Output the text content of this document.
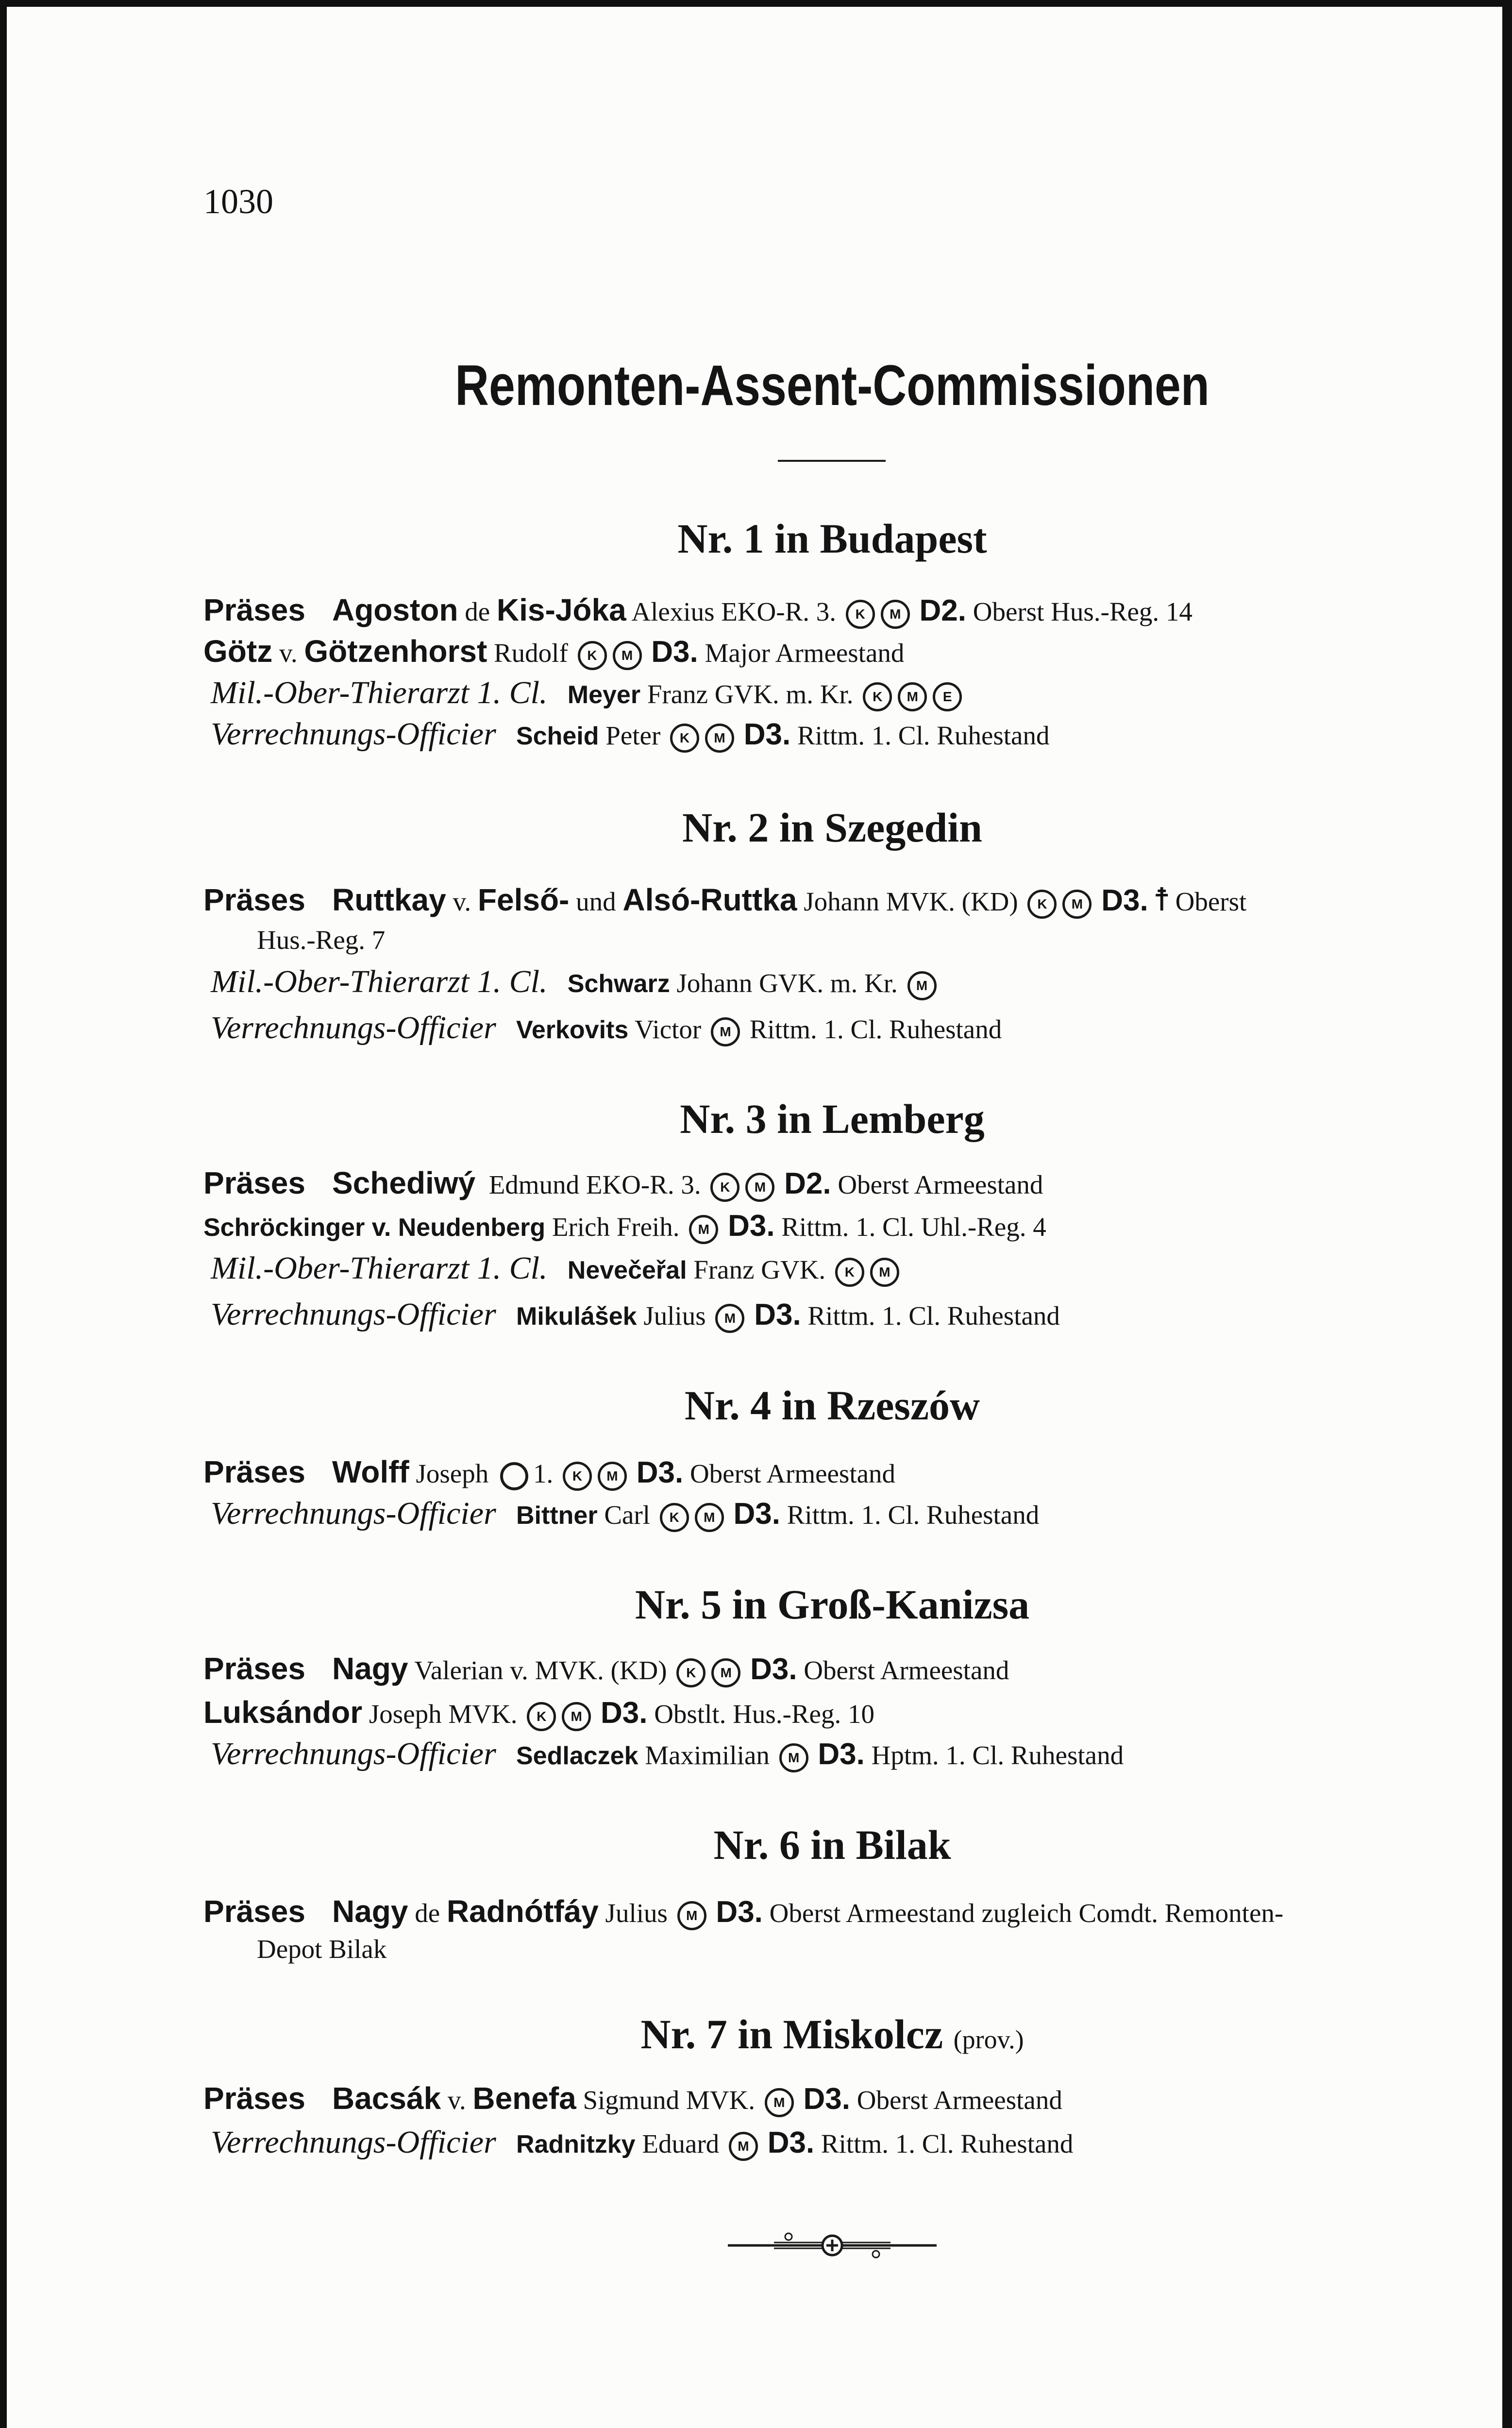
1030
Remonten-Assent-Commissionen
Nr. 1 in Budapest
Präses Agoston de Kis-Jóka Alexius EKO-R. 3. K M D2. Oberst Hus.-Reg. 14
Götz v. Götzenhorst Rudolf K M D3. Major Armeestand
Mil.-Ober-Thierarzt 1. Cl. Meyer Franz GVK. m. Kr. K M E
Verrechnungs-Officier Scheid Peter K M D3. Rittm. 1. Cl. Ruhestand
Nr. 2 in Szegedin
Präses Ruttkay v. Felső- und Alsó-Ruttka Johann MVK. (KD) K M D3. ☨ Oberst
Hus.-Reg. 7
Mil.-Ober-Thierarzt 1. Cl. Schwarz Johann GVK. m. Kr. M
Verrechnungs-Officier Verkovits Victor M Rittm. 1. Cl. Ruhestand
Nr. 3 in Lemberg
Präses Schediwý Edmund EKO-R. 3. K M D2. Oberst Armeestand
Schröckinger v. Neudenberg Erich Freih. M D3. Rittm. 1. Cl. Uhl.-Reg. 4
Mil.-Ober-Thierarzt 1. Cl. Nevečeřal Franz GVK. K M
Verrechnungs-Officier Mikulášek Julius M D3. Rittm. 1. Cl. Ruhestand
Nr. 4 in Rzeszów
Präses Wolff Joseph 1. K M D3. Oberst Armeestand
Verrechnungs-Officier Bittner Carl K M D3. Rittm. 1. Cl. Ruhestand
Nr. 5 in Groß-Kanizsa
Präses Nagy Valerian v. MVK. (KD) K M D3. Oberst Armeestand
Luksándor Joseph MVK. K M D3. Obstlt. Hus.-Reg. 10
Verrechnungs-Officier Sedlaczek Maximilian M D3. Hptm. 1. Cl. Ruhestand
Nr. 6 in Bilak
Präses Nagy de Radnótfáy Julius M D3. Oberst Armeestand zugleich Comdt. Remonten-
Depot Bilak
Nr. 7 in Miskolcz (prov.)
Präses Bacsák v. Benefa Sigmund MVK. M D3. Oberst Armeestand
Verrechnungs-Officier Radnitzky Eduard M D3. Rittm. 1. Cl. Ruhestand
